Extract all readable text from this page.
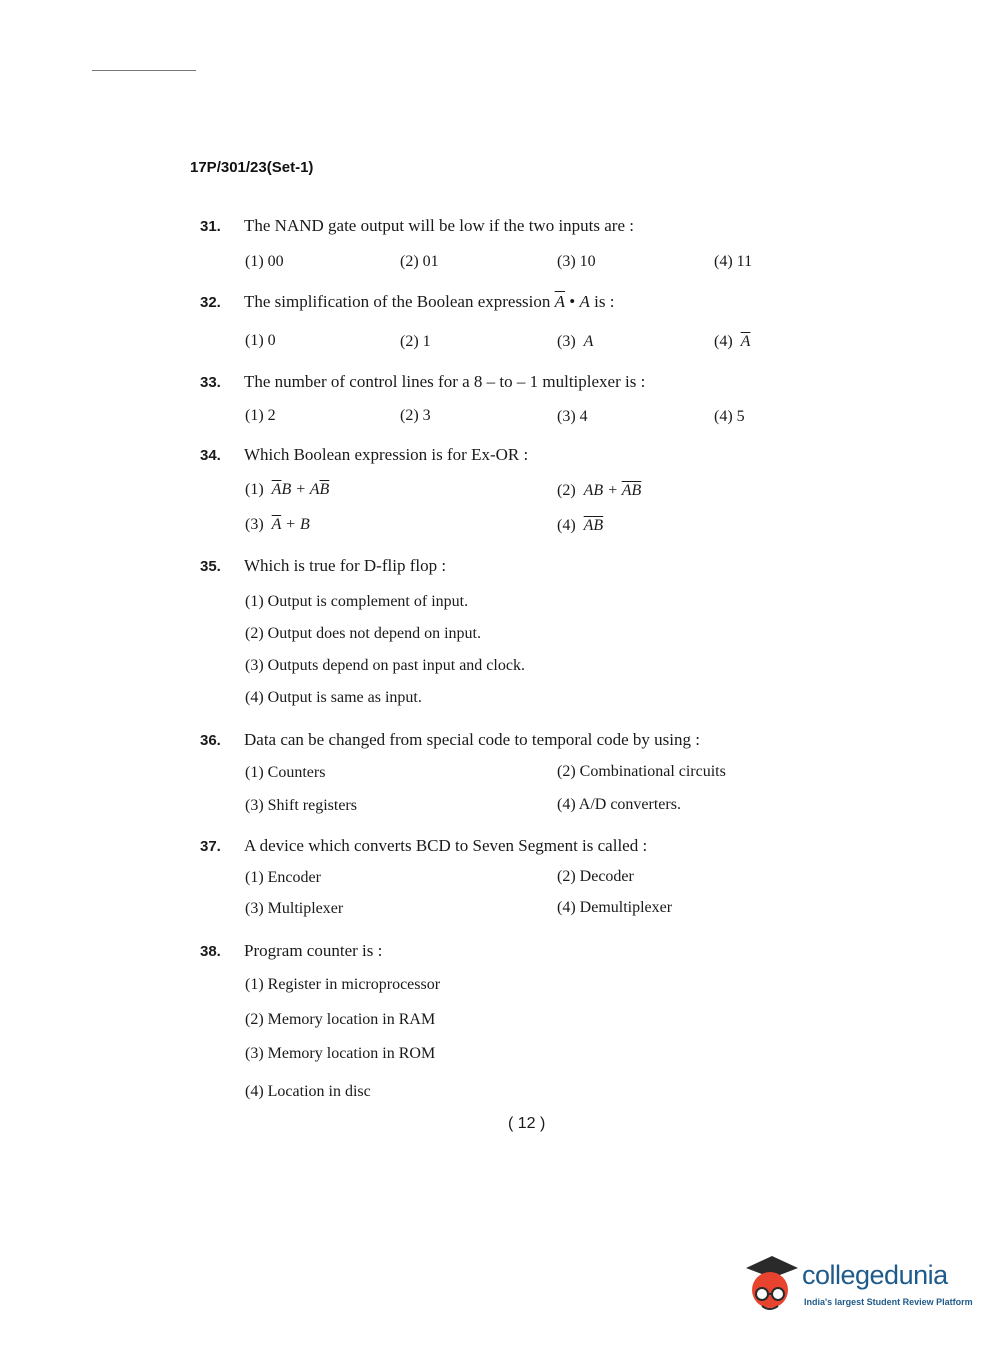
17P/301/23(Set-1)
31.	The NAND gate output will be low if the two inputs are :
(1) 00	(2) 01	(3) 10	(4) 11
32.	The simplification of the Boolean expression $\overline{A}$ • A is :
(1) 0	(2) 1	(3) A	(4) $\overline{A}$
33.	The number of control lines for a 8 – to – 1 multiplexer is :
(1) 2	(2) 3	(3) 4	(4) 5
34.	Which Boolean expression is for Ex-OR :
(1) $\overline{A}B + A\overline{B}$	(2) AB + $\overline{A}\overline{B}$
(3) $\overline{A} + B$	(4) $\overline{AB}$
35.	Which is true for D-flip flop :
(1) Output is complement of input.
(2) Output does not depend on input.
(3) Outputs depend on past input and clock.
(4) Output is same as input.
36.	Data can be changed from special code to temporal code by using :
(1) Counters	(2) Combinational circuits
(3) Shift registers	(4) A/D converters.
37.	A device which converts BCD to Seven Segment is called :
(1) Encoder	(2) Decoder
(3) Multiplexer	(4) Demultiplexer
38.	Program counter is :
(1) Register in microprocessor
(2) Memory location in RAM
(3) Memory location in ROM
(4) Location in disc
( 12 )
collegedunia
India's largest Student Review Platform
